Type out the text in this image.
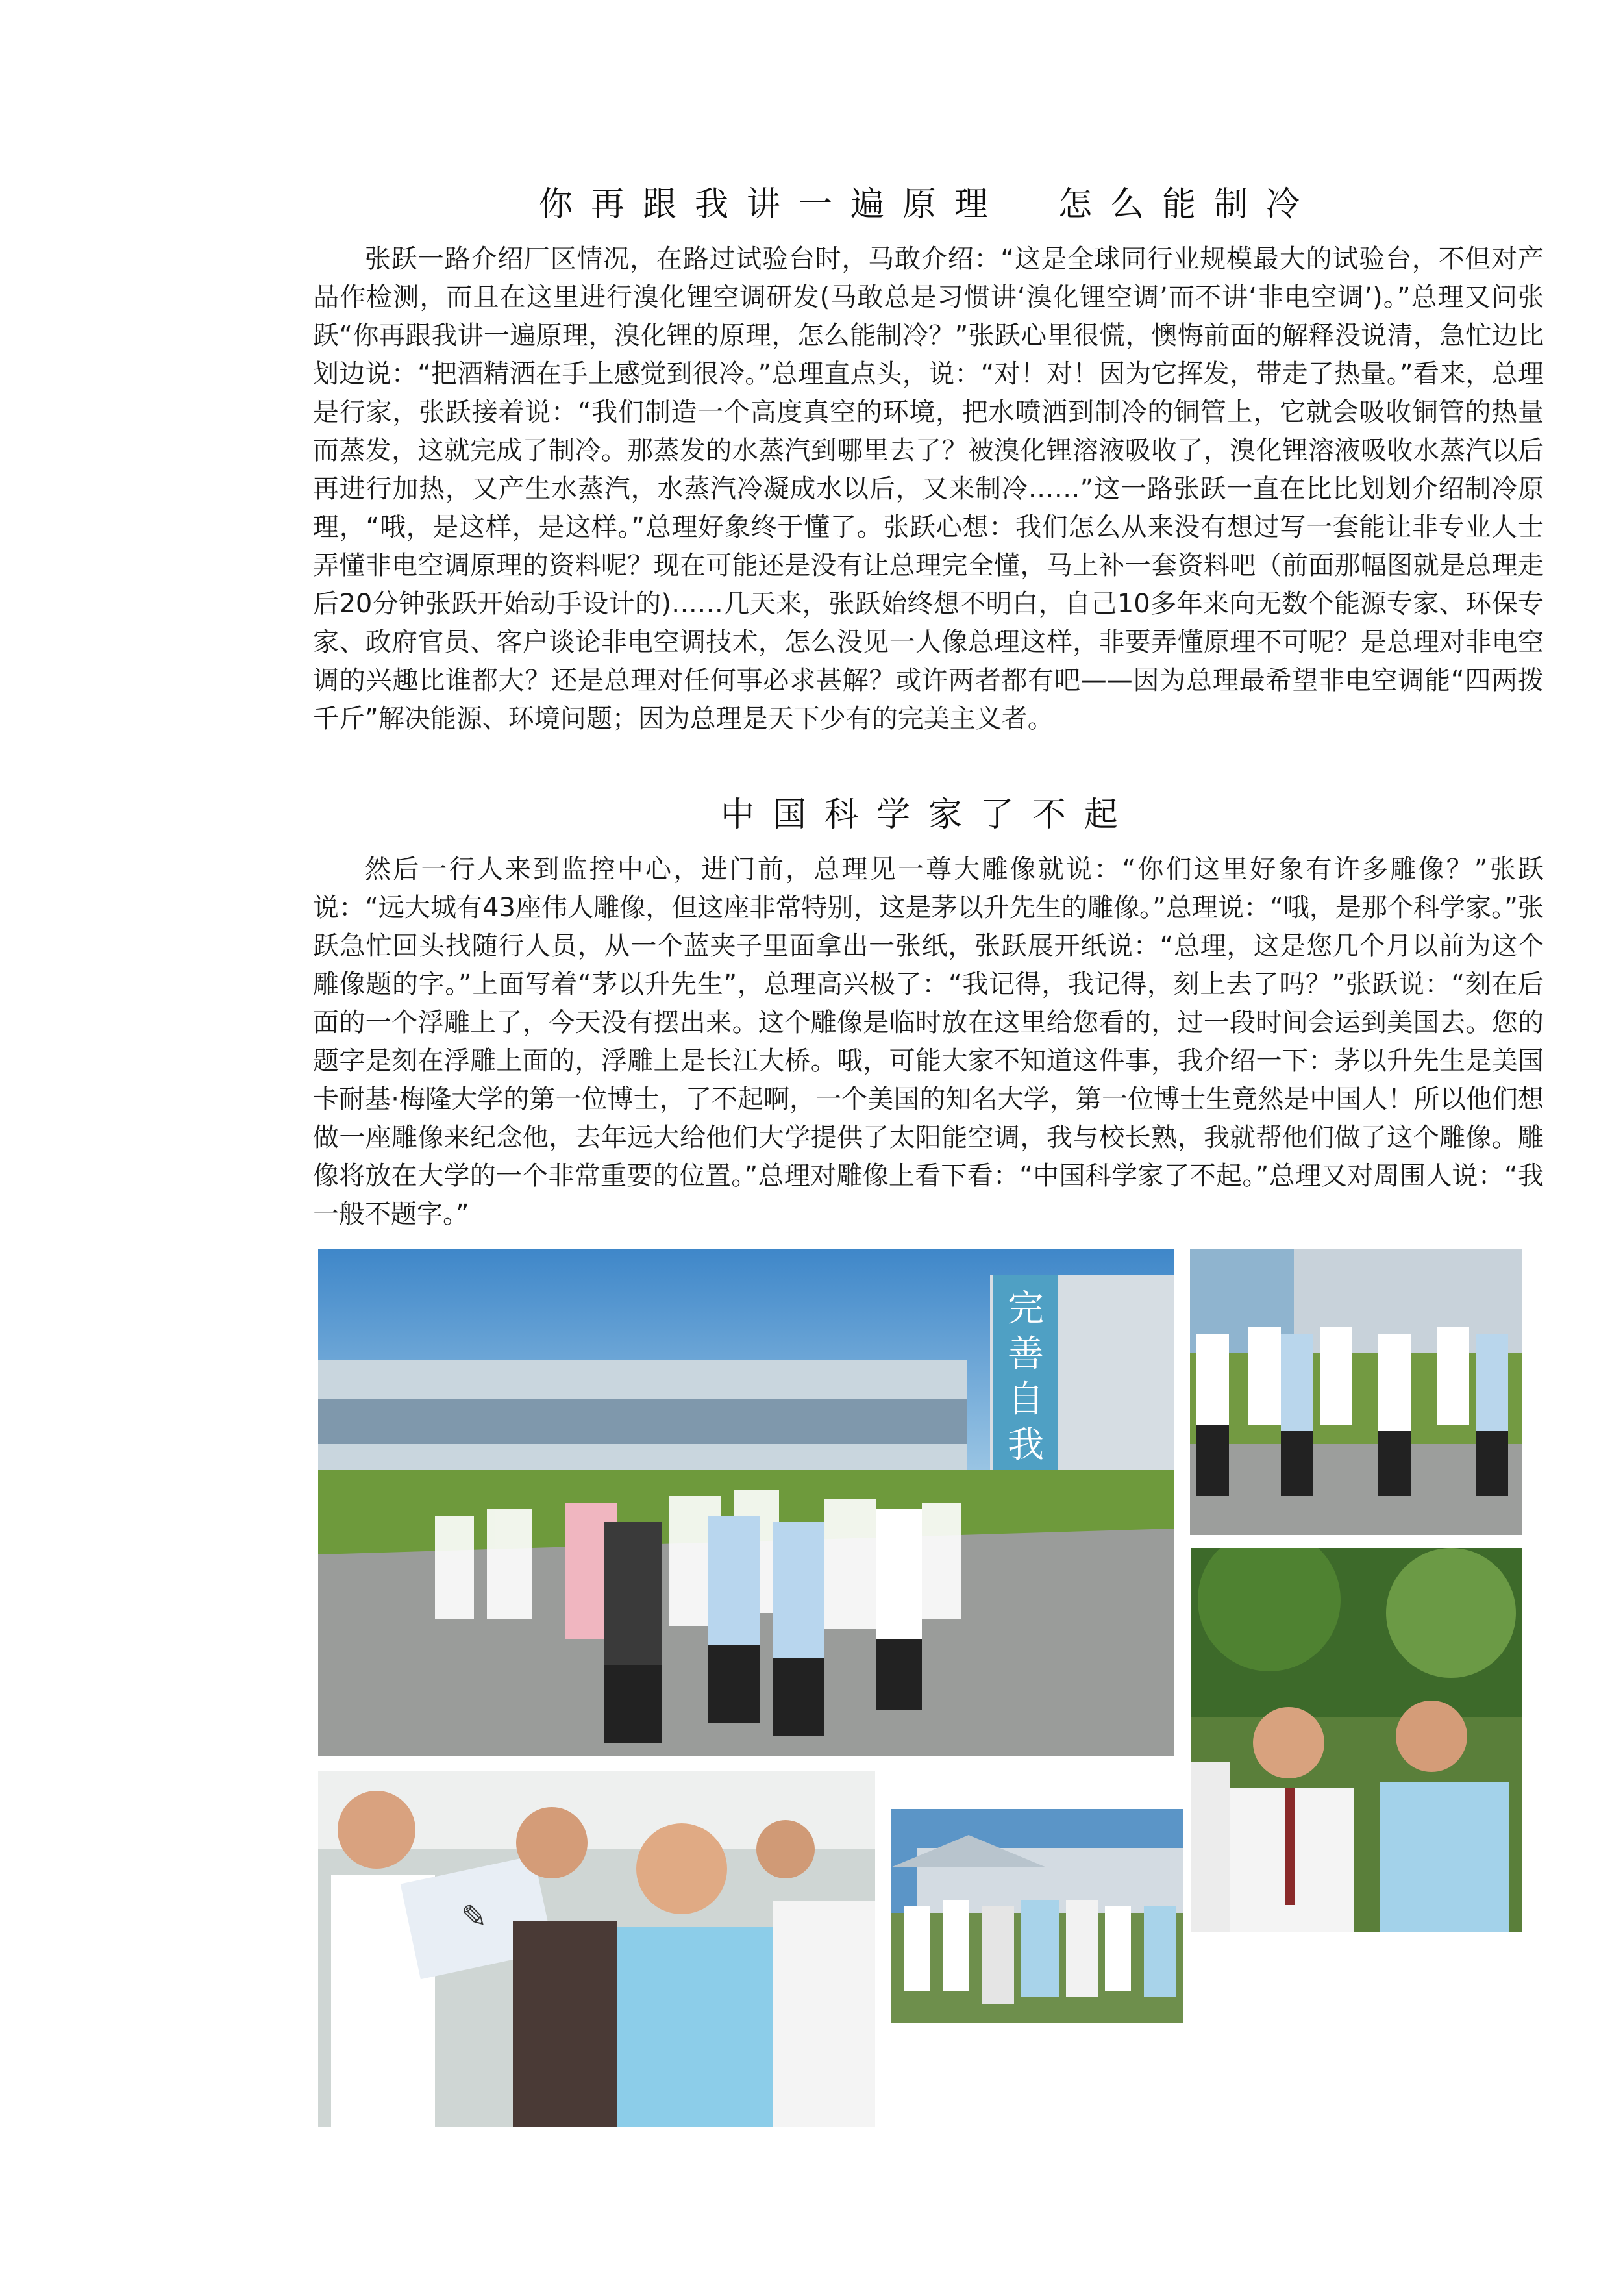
你再跟我讲一遍原理　怎么能制冷

张跃一路介绍厂区情况，在路过试验台时，马敢介绍：“这是全球同行业规模最大的试验台，不但对产品作检测，而且在这里进行溴化锂空调研发(马敢总是习惯讲‘溴化锂空调’而不讲‘非电空调’)。”总理又问张跃“你再跟我讲一遍原理，溴化锂的原理，怎么能制冷？”张跃心里很慌，懊悔前面的解释没说清，急忙边比划边说：“把酒精洒在手上感觉到很冷。”总理直点头，说：“对！对！因为它挥发，带走了热量。”看来，总理是行家，张跃接着说：“我们制造一个高度真空的环境，把水喷洒到制冷的铜管上，它就会吸收铜管的热量而蒸发，这就完成了制冷。那蒸发的水蒸汽到哪里去了？被溴化锂溶液吸收了，溴化锂溶液吸收水蒸汽以后再进行加热，又产生水蒸汽，水蒸汽冷凝成水以后，又来制冷……”这一路张跃一直在比比划划介绍制冷原理，“哦，是这样，是这样。”总理好象终于懂了。张跃心想：我们怎么从来没有想过写一套能让非专业人士弄懂非电空调原理的资料呢？现在可能还是没有让总理完全懂，马上补一套资料吧（前面那幅图就是总理走后20分钟张跃开始动手设计的)……几天来，张跃始终想不明白，自己10多年来向无数个能源专家、环保专家、政府官员、客户谈论非电空调技术，怎么没见一人像总理这样，非要弄懂原理不可呢？是总理对非电空调的兴趣比谁都大？还是总理对任何事必求甚解？或许两者都有吧——因为总理最希望非电空调能“四两拨千斤”解决能源、环境问题；因为总理是天下少有的完美主义者。

中国科学家了不起

然后一行人来到监控中心，进门前，总理见一尊大雕像就说：“你们这里好象有许多雕像？”张跃说：“远大城有43座伟人雕像，但这座非常特别，这是茅以升先生的雕像。”总理说：“哦，是那个科学家。”张跃急忙回头找随行人员，从一个蓝夹子里面拿出一张纸，张跃展开纸说：“总理，这是您几个月以前为这个雕像题的字。”上面写着“茅以升先生”，总理高兴极了：“我记得，我记得，刻上去了吗？”张跃说：“刻在后面的一个浮雕上了，今天没有摆出来。这个雕像是临时放在这里给您看的，过一段时间会运到美国去。您的题字是刻在浮雕上面的，浮雕上是长江大桥。哦，可能大家不知道这件事，我介绍一下：茅以升先生是美国卡耐基·梅隆大学的第一位博士，了不起啊，一个美国的知名大学，第一位博士生竟然是中国人！所以他们想做一座雕像来纪念他，去年远大给他们大学提供了太阳能空调，我与校长熟，我就帮他们做了这个雕像。雕像将放在大学的一个非常重要的位置。”总理对雕像上看下看：“中国科学家了不起。”总理又对周围人说：“我一般不题字。”

完
善
自
我
✎
